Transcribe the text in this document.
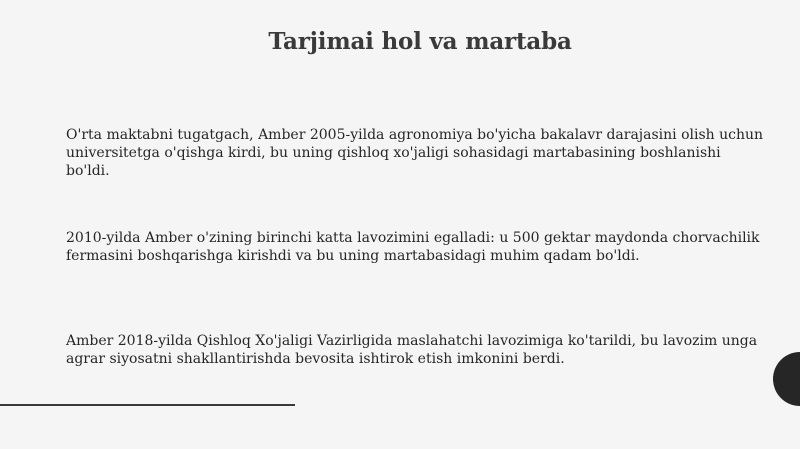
Tarjimai hol va martaba

O'rta maktabni tugatgach, Amber 2005-yilda agronomiya bo'yicha bakalavr darajasini olish uchun universitetga o'qishga kirdi, bu uning qishloq xo'jaligi sohasidagi martabasining boshlanishi bo'ldi.

2010-yilda Amber o'zining birinchi katta lavozimini egalladi: u 500 gektar maydonda chorvachilik fermasini boshqarishga kirishdi va bu uning martabasidagi muhim qadam bo'ldi.

Amber 2018-yilda Qishloq Xo'jaligi Vazirligida maslahatchi lavozimiga ko'tarildi, bu lavozim unga agrar siyosatni shakllantirishda bevosita ishtirok etish imkonini berdi.
